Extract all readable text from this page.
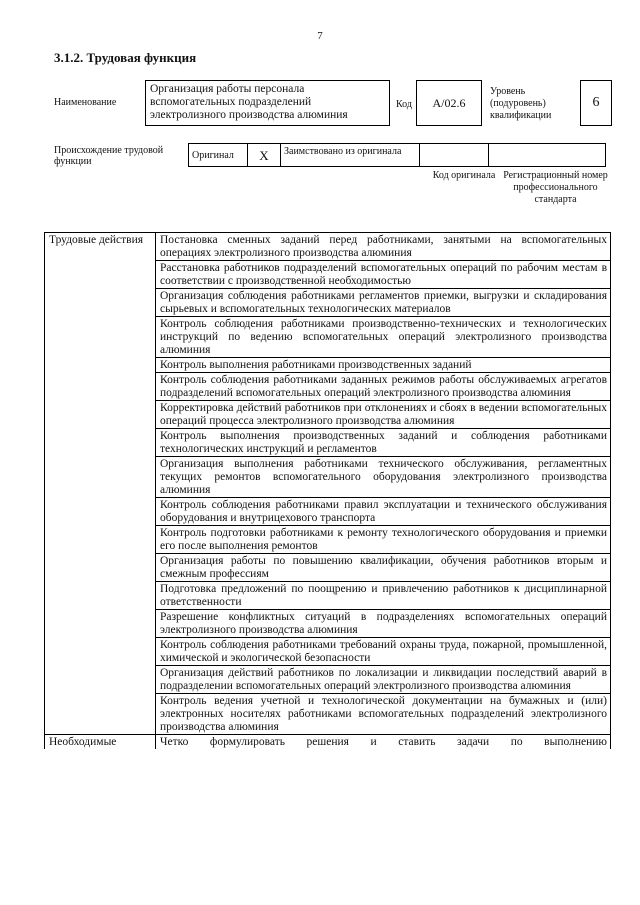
7
3.1.2. Трудовая функция
Наименование
Организация работы персонала вспомогательных подразделений электролизного производства алюминия
Код	А/02.6
Уровень (подуровень) квалификации
6
Происхождение трудовой функции
Оригинал	X	Заимствовано из оригинала
Код оригинала Регистрационный номер профессионального стандарта
Трудовые действия	Постановка сменных заданий перед работниками, занятыми на вспомогательных операциях электролизного производства алюминия
	Расстановка работников подразделений вспомогательных операций по рабочим местам в соответствии с производственной необходимостью
	Организация соблюдения работниками регламентов приемки, выгрузки и складирования сырьевых и вспомогательных технологических материалов
	Контроль соблюдения работниками производственно-технических и технологических инструкций по ведению вспомогательных операций электролизного производства алюминия
	Контроль выполнения работниками производственных заданий
	Контроль соблюдения работниками заданных режимов работы обслуживаемых агрегатов подразделений вспомогательных операций электролизного производства алюминия
	Корректировка действий работников при отклонениях и сбоях в ведении вспомогательных операций процесса электролизного производства алюминия
	Контроль выполнения производственных заданий и соблюдения работниками технологических инструкций и регламентов
	Организация выполнения работниками технического обслуживания, регламентных текущих ремонтов вспомогательного оборудования электролизного производства алюминия
	Контроль соблюдения работниками правил эксплуатации и технического обслуживания оборудования и внутрицехового транспорта
	Контроль подготовки работниками к ремонту технологического оборудования и приемки его после выполнения ремонтов
	Организация работы по повышению квалификации, обучения работников вторым и смежным профессиям
	Подготовка предложений по поощрению и привлечению работников к дисциплинарной ответственности
	Разрешение конфликтных ситуаций в подразделениях вспомогательных операций электролизного производства алюминия
	Контроль соблюдения работниками требований охраны труда, пожарной, промышленной, химической и экологической безопасности
	Организация действий работников по локализации и ликвидации последствий аварий в подразделении вспомогательных операций электролизного производства алюминия
	Контроль ведения учетной и технологической документации на бумажных и (или) электронных носителях работниками вспомогательных подразделений электролизного производства алюминия
Необходимые	Четко формулировать решения и ставить задачи по выполнению
